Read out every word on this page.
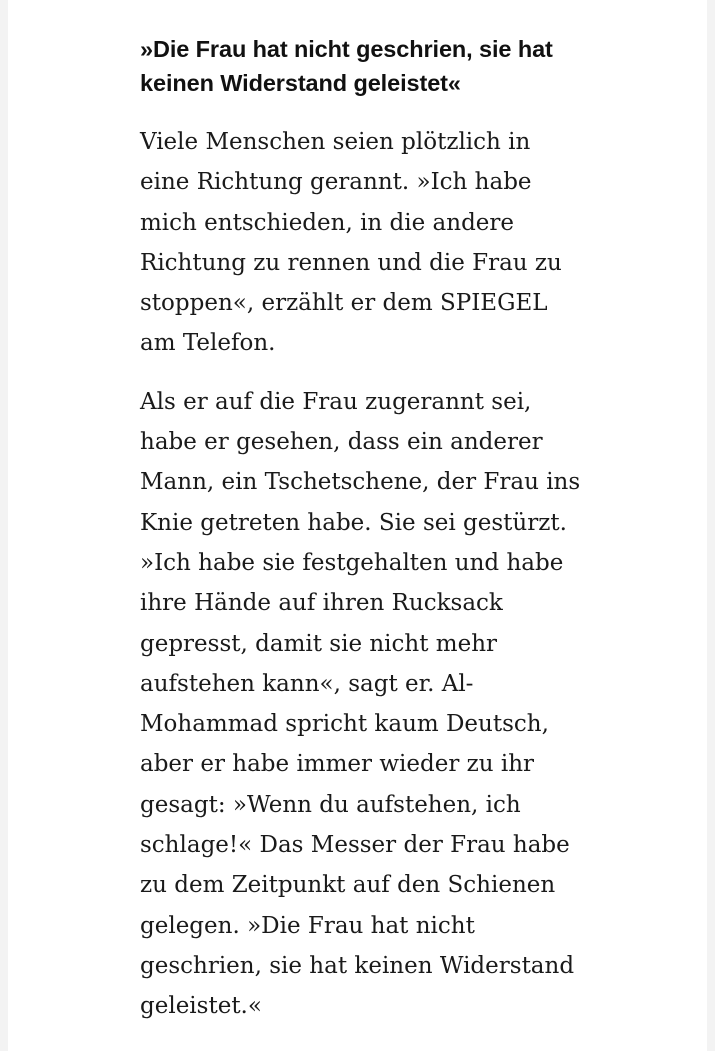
»Die Frau hat nicht geschrien, sie hat keinen Widerstand geleistet«

Viele Menschen seien plötzlich in eine Richtung gerannt. »Ich habe mich entschieden, in die andere Richtung zu rennen und die Frau zu stoppen«, erzählt er dem SPIEGEL am Telefon.

Als er auf die Frau zugerannt sei, habe er gesehen, dass ein anderer Mann, ein Tschetschene, der Frau ins Knie getreten habe. Sie sei gestürzt. »Ich habe sie festgehalten und habe ihre Hände auf ihren Rucksack gepresst, damit sie nicht mehr aufstehen kann«, sagt er. Al-Mohammad spricht kaum Deutsch, aber er habe immer wieder zu ihr gesagt: »Wenn du aufstehen, ich schlage!« Das Messer der Frau habe zu dem Zeitpunkt auf den Schienen gelegen. »Die Frau hat nicht geschrien, sie hat keinen Widerstand geleistet.«
